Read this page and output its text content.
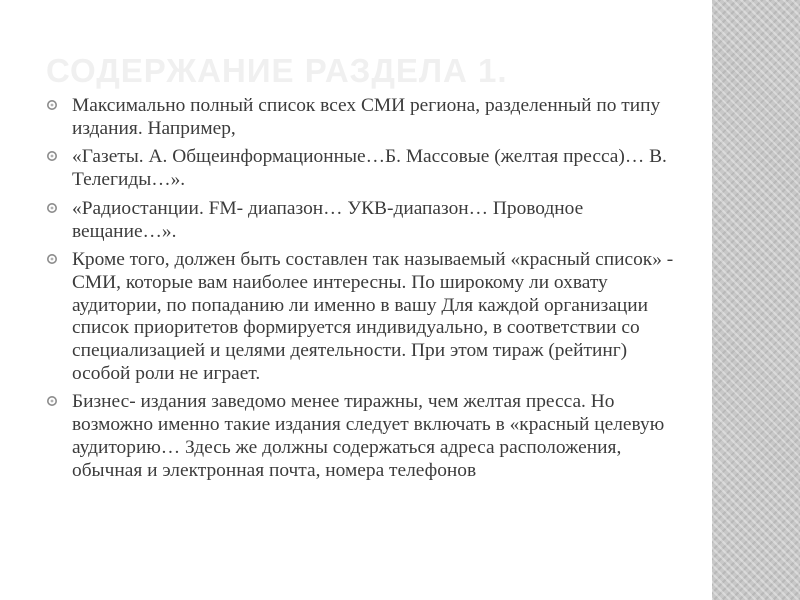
СОДЕРЖАНИЕ РАЗДЕЛА 1.
Максимально полный список всех СМИ региона, разделенный по типу издания. Например,
«Газеты. А. Общеинформационные…Б. Массовые (желтая пресса)… В. Телегиды…».
«Радиостанции. FM- диапазон… УКВ-диапазон… Проводное вещание…».
Кроме того, должен быть составлен так называемый «красный список» - СМИ, которые вам наиболее интересны. По широкому ли охвату аудитории, по попаданию ли именно в вашу Для каждой организации список приоритетов формируется индивидуально, в соответствии со специализацией и целями деятельности. При этом тираж (рейтинг) особой роли не играет.
Бизнес- издания заведомо менее тиражны, чем желтая пресса. Но возможно именно такие издания следует включать в «красный целевую аудиторию… Здесь же должны содержаться адреса расположения, обычная и электронная почта, номера телефонов
